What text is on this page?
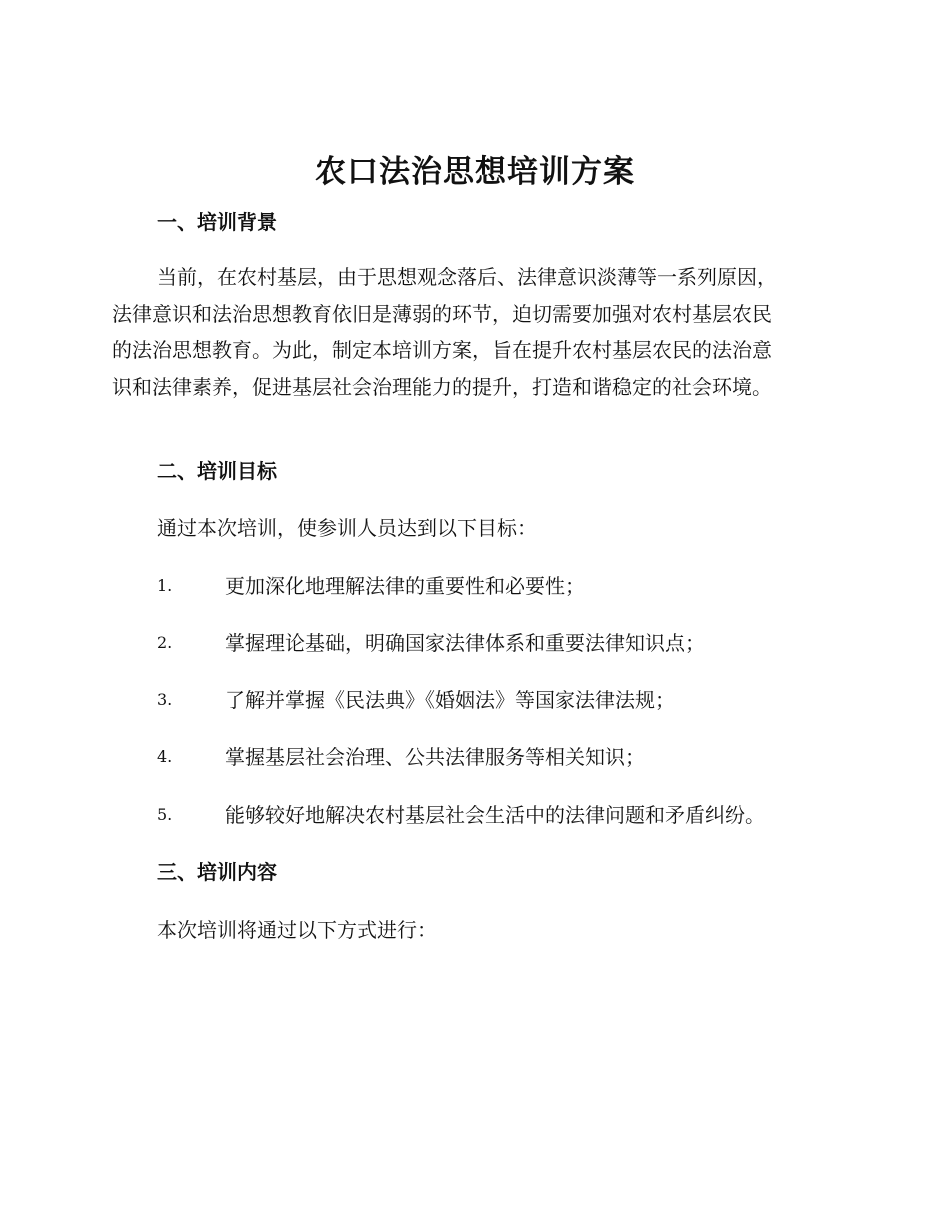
农口法治思想培训方案
一、培训背景
当前，在农村基层，由于思想观念落后、法律意识淡薄等一系列原因，
法律意识和法治思想教育依旧是薄弱的环节，迫切需要加强对农村基层农民
的法治思想教育。为此，制定本培训方案，旨在提升农村基层农民的法治意
识和法律素养，促进基层社会治理能力的提升，打造和谐稳定的社会环境。
二、培训目标
通过本次培训，使参训人员达到以下目标：
1.	更加深化地理解法律的重要性和必要性；
2.	掌握理论基础，明确国家法律体系和重要法律知识点；
3.	了解并掌握《民法典》《婚姻法》等国家法律法规；
4.	掌握基层社会治理、公共法律服务等相关知识；
5.	能够较好地解决农村基层社会生活中的法律问题和矛盾纠纷。
三、培训内容
本次培训将通过以下方式进行：
